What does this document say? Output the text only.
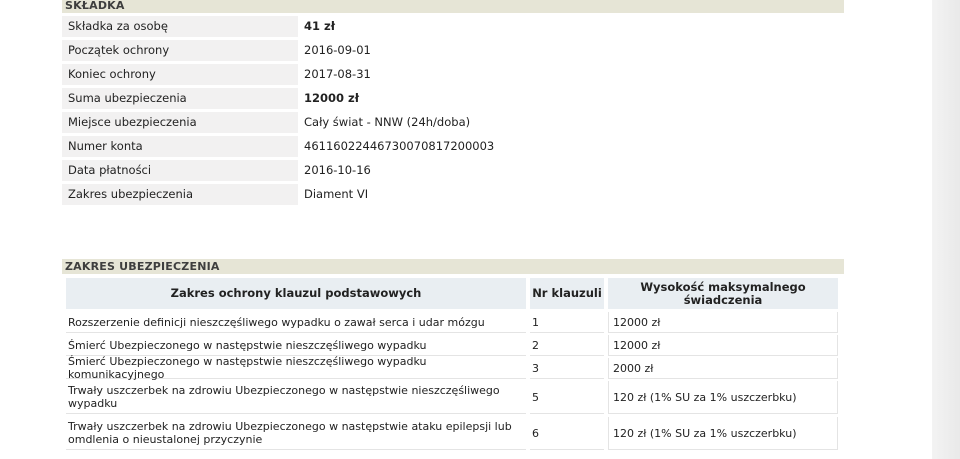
SKŁADKA
Składka za osobę	41 zł
Początek ochrony	2016-09-01
Koniec ochrony	2017-08-31
Suma ubezpieczenia	12000 zł
Miejsce ubezpieczenia	Cały świat - NNW (24h/doba)
Numer konta	46116022446730070817200003
Data płatności	2016-10-16
Zakres ubezpieczenia	Diament VI
ZAKRES UBEZPIECZENIA
Zakres ochrony klauzul podstawowych	Nr klauzuli	Wysokość maksymalnego świadczenia
Rozszerzenie definicji nieszczęśliwego wypadku o zawał serca i udar mózgu	1	12000 zł
Śmierć Ubezpieczonego w następstwie nieszczęśliwego wypadku	2	12000 zł
Śmierć Ubezpieczonego w następstwie nieszczęśliwego wypadku komunikacyjnego	3	2000 zł
Trwały uszczerbek na zdrowiu Ubezpieczonego w następstwie nieszczęśliwego wypadku	5	120 zł (1% SU za 1% uszczerbku)
Trwały uszczerbek na zdrowiu Ubezpieczonego w następstwie ataku epilepsji lub omdlenia o nieustalonej przyczynie	6	120 zł (1% SU za 1% uszczerbku)
